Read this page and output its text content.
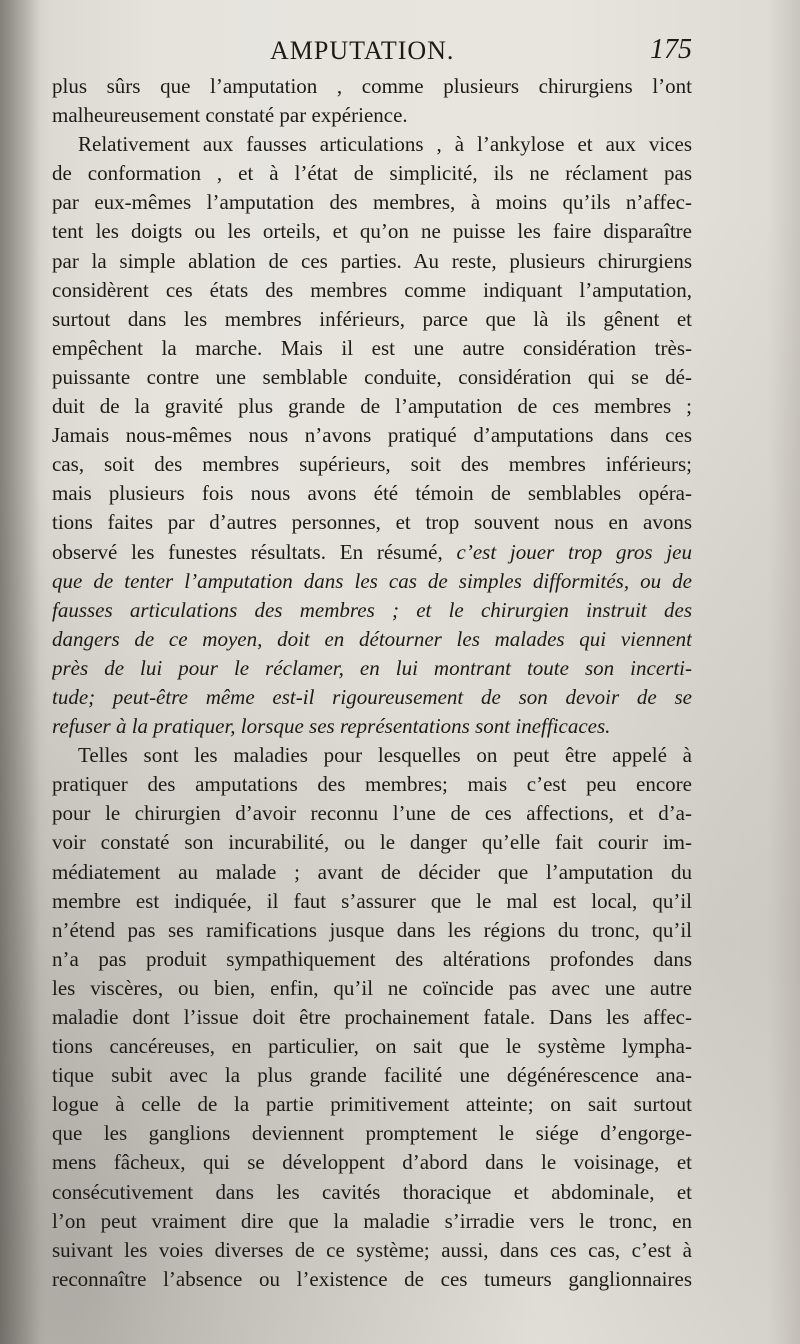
AMPUTATION.	175
plus sûrs que l’amputation , comme plusieurs chirurgiens l’ont
malheureusement constaté par expérience.
Relativement aux fausses articulations , à l’ankylose et aux vices
de conformation , et à l’état de simplicité, ils ne réclament pas
par eux-mêmes l’amputation des membres, à moins qu’ils n’affec-
tent les doigts ou les orteils, et qu’on ne puisse les faire disparaître
par la simple ablation de ces parties. Au reste, plusieurs chirurgiens
considèrent ces états des membres comme indiquant l’amputation,
surtout dans les membres inférieurs, parce que là ils gênent et
empêchent la marche. Mais il est une autre considération très-
puissante contre une semblable conduite, considération qui se dé-
duit de la gravité plus grande de l’amputation de ces membres ;
Jamais nous-mêmes nous n’avons pratiqué d’amputations dans ces
cas, soit des membres supérieurs, soit des membres inférieurs;
mais plusieurs fois nous avons été témoin de semblables opéra-
tions faites par d’autres personnes, et trop souvent nous en avons
observé les funestes résultats. En résumé, c’est jouer trop gros jeu
que de tenter l’amputation dans les cas de simples difformités, ou de
fausses articulations des membres ; et le chirurgien instruit des
dangers de ce moyen, doit en détourner les malades qui viennent
près de lui pour le réclamer, en lui montrant toute son incerti-
tude; peut-être même est-il rigoureusement de son devoir de se
refuser à la pratiquer, lorsque ses représentations sont inefficaces.
Telles sont les maladies pour lesquelles on peut être appelé à
pratiquer des amputations des membres; mais c’est peu encore
pour le chirurgien d’avoir reconnu l’une de ces affections, et d’a-
voir constaté son incurabilité, ou le danger qu’elle fait courir im-
médiatement au malade ; avant de décider que l’amputation du
membre est indiquée, il faut s’assurer que le mal est local, qu’il
n’étend pas ses ramifications jusque dans les régions du tronc, qu’il
n’a pas produit sympathiquement des altérations profondes dans
les viscères, ou bien, enfin, qu’il ne coïncide pas avec une autre
maladie dont l’issue doit être prochainement fatale. Dans les affec-
tions cancéreuses, en particulier, on sait que le système lympha-
tique subit avec la plus grande facilité une dégénérescence ana-
logue à celle de la partie primitivement atteinte; on sait surtout
que les ganglions deviennent promptement le siége d’engorge-
mens fâcheux, qui se développent d’abord dans le voisinage, et
consécutivement dans les cavités thoracique et abdominale, et
l’on peut vraiment dire que la maladie s’irradie vers le tronc, en
suivant les voies diverses de ce système; aussi, dans ces cas, c’est à
reconnaître l’absence ou l’existence de ces tumeurs ganglionnaires
